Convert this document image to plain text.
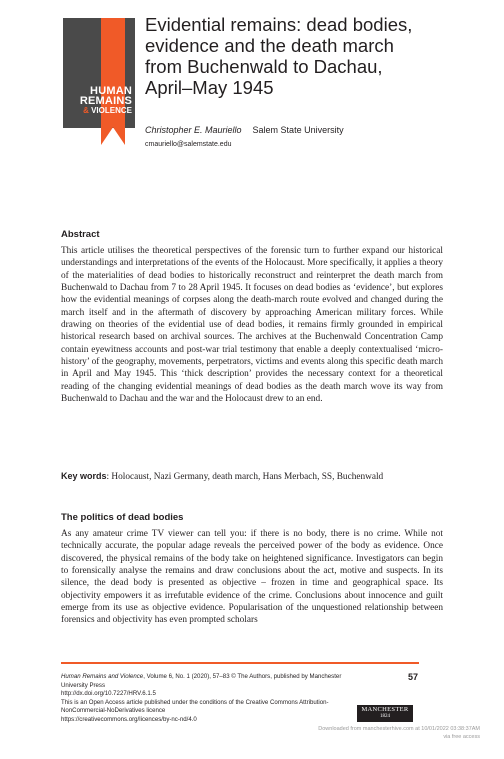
HUMAN
REMAINS
& VIOLENCE
Evidential remains: dead bodies,
evidence and the death march
from Buchenwald to Dachau,
April–May 1945
Christopher E. Mauriello Salem State University
cmauriello@salemstate.edu
Abstract

This article utilises the theoretical perspectives of the forensic turn to further expand our historical understandings and interpretations of the events of the Holocaust. More specifically, it applies a theory of the materialities of dead bodies to historically reconstruct and reinterpret the death march from Buchenwald to Dachau from 7 to 28 April 1945. It focuses on dead bodies as ‘evidence’, but explores how the evidential meanings of corpses along the death-march route evolved and changed during the march itself and in the aftermath of discovery by approaching American military forces. While drawing on theories of the evidential use of dead bodies, it remains firmly grounded in empirical historical research based on archival sources. The archives at the Buchenwald Concentration Camp contain eyewitness accounts and post-war trial testimony that enable a deeply contextualised ‘micro-history’ of the geography, movements, perpetrators, victims and events along this specific death march in April and May 1945. This ‘thick description’ provides the necessary context for a theoretical reading of the changing evidential meanings of dead bodies as the death march wove its way from Buchenwald to Dachau and the war and the Holocaust drew to an end.

Key words: Holocaust, Nazi Germany, death march, Hans Merbach, SS, Buchenwald
The politics of dead bodies

As any amateur crime TV viewer can tell you: if there is no body, there is no crime. While not technically accurate, the popular adage reveals the perceived power of the body as evidence. Once discovered, the physical remains of the body take on heightened significance. Investigators can begin to forensically analyse the remains and draw conclusions about the act, motive and suspects. In its silence, the dead body is presented as objective – frozen in time and geographical space. Its objectivity empowers it as irrefutable evidence of the crime. Conclusions about innocence and guilt emerge from its use as objective evidence. Popularisation of the unquestioned relationship between forensics and objectivity has even prompted scholars

Human Remains and Violence, Volume 6, No. 1 (2020), 57–83 © The Authors, published by Manchester University Press
http://dx.doi.org/10.7227/HRV.6.1.5
This is an Open Access article published under the conditions of the Creative Commons Attribution-NonCommercial-NoDerivatives licence
https://creativecommons.org/licences/by-nc-nd/4.0
57
MANCHESTER
1824
Downloaded from manchesterhive.com at 10/01/2022 03:38:37AM
via free access
